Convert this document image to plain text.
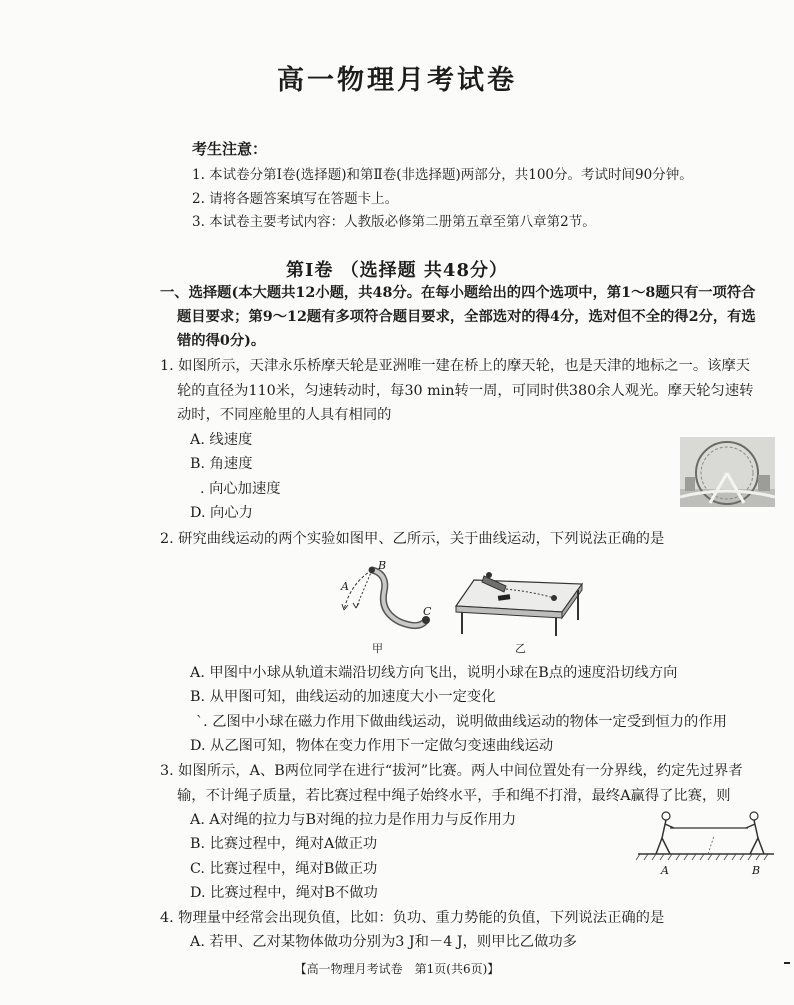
高一物理月考试卷
考生注意：
1. 本试卷分第Ⅰ卷(选择题)和第Ⅱ卷(非选择题)两部分，共100分。考试时间90分钟。
2. 请将各题答案填写在答题卡上。
3. 本试卷主要考试内容：人教版必修第二册第五章至第八章第2节。
第Ⅰ卷 （选择题 共48分）
一、选择题(本大题共12小题，共48分。在每小题给出的四个选项中，第1～8题只有一项符合
题目要求；第9～12题有多项符合题目要求，全部选对的得4分，选对但不全的得2分，有选
错的得0分)。
1. 如图所示，天津永乐桥摩天轮是亚洲唯一建在桥上的摩天轮，也是天津的地标之一。该摩天
轮的直径为110米，匀速转动时，每30 min转一周，可同时供380余人观光。摩天轮匀速转
动时，不同座舱里的人具有相同的
A. 线速度
B. 角速度
. 向心加速度
D. 向心力
2. 研究曲线运动的两个实验如图甲、乙所示，关于曲线运动，下列说法正确的是
A
B
C
甲	乙
A. 甲图中小球从轨道末端沿切线方向飞出，说明小球在B点的速度沿切线方向
B. 从甲图可知，曲线运动的加速度大小一定变化
`. 乙图中小球在磁力作用下做曲线运动，说明做曲线运动的物体一定受到恒力的作用
D. 从乙图可知，物体在变力作用下一定做匀变速曲线运动
3. 如图所示，A、B两位同学在进行“拔河”比赛。两人中间位置处有一分界线，约定先过界者
输，不计绳子质量，若比赛过程中绳子始终水平，手和绳不打滑，最终A赢得了比赛，则
A. A对绳的拉力与B对绳的拉力是作用力与反作用力
B. 比赛过程中，绳对A做正功
C. 比赛过程中，绳对B做正功
D. 比赛过程中，绳对B不做功
A	B
4. 物理量中经常会出现负值，比如：负功、重力势能的负值，下列说法正确的是
A. 若甲、乙对某物体做功分别为3 J和－4 J，则甲比乙做功多
【高一物理月考试卷　第1页(共6页)】
